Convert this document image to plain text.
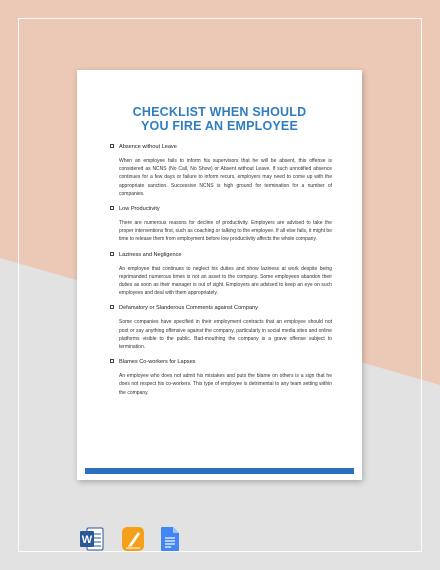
CHECKLIST WHEN SHOULD
YOU FIRE AN EMPLOYEE
Absence without Leave
When an employee fails to inform his supervisors that he will be absent, this offense is considered as NCNS (No Call, No Show) or Absent without Leave. If such unnotified absence continues for a few days or failure to inform recurs, employers may need to come up with the appropriate sanction. Successive NCNS is high ground for termination for a number of companies.
Low Productivity
There are numerous reasons for decline of productivity. Employers are advised to take the proper interventions first, such as coaching or talking to the employee. If all else fails, it might be time to release them from employment before low productivity affects the whole company.
Laziness and Negligence
An employee that continues to neglect his duties and show laziness at work despite being reprimanded numerous times is not an asset to the company. Some employees abandon their duties as soon as their manager is out of sight. Employers are advised to keep an eye on such employees and deal with them appropriately.
Defamatory or Slanderous Comments against Company
Some companies have specified in their employment contracts that an employee should not post or say anything offensive against the company, particularly in social media sites and online platforms visible to the public. Bad-mouthing the company is a grave offense subject to termination.
Blames Co-workers for Lapses
An employee who does not admit his mistakes and puts the blame on others is a sign that he does not respect his co-workers. This type of employee is detrimental to any team setting within the company.
W
